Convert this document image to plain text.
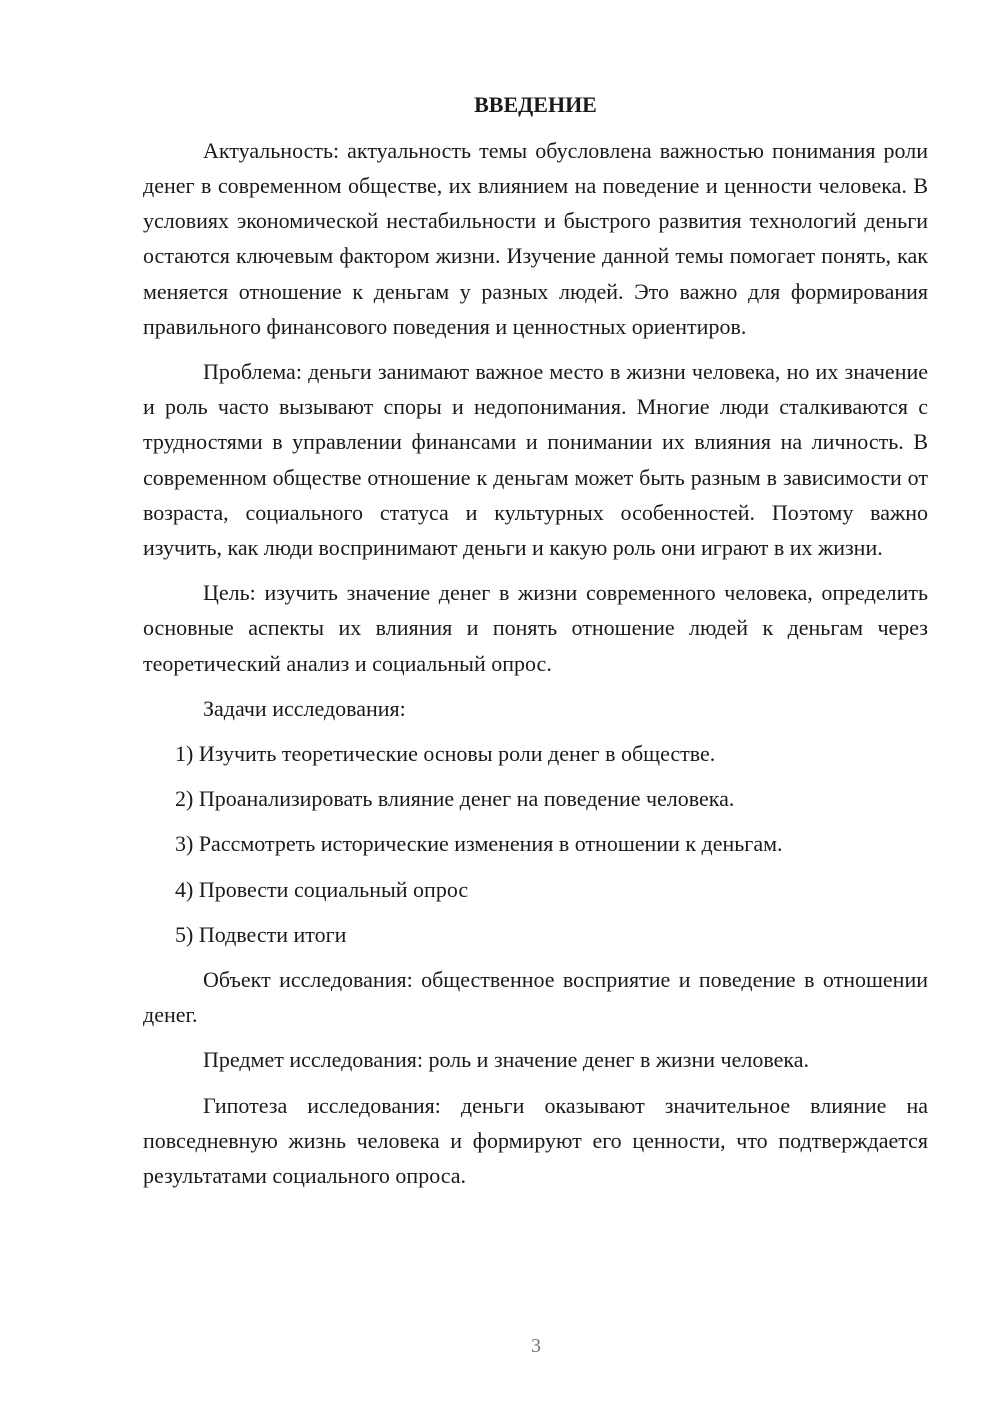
ВВЕДЕНИЕ

Актуальность: актуальность темы обусловлена важностью понимания роли денег в современном обществе, их влиянием на поведение и ценности человека. В условиях экономической нестабильности и быстрого развития технологий деньги остаются ключевым фактором жизни. Изучение данной темы помогает понять, как меняется отношение к деньгам у разных людей. Это важно для формирования правильного финансового поведения и ценностных ориентиров.

Проблема: деньги занимают важное место в жизни человека, но их значение и роль часто вызывают споры и недопонимания. Многие люди сталкиваются с трудностями в управлении финансами и понимании их влияния на личность. В современном обществе отношение к деньгам может быть разным в зависимости от возраста, социального статуса и культурных особенностей. Поэтому важно изучить, как люди воспринимают деньги и какую роль они играют в их жизни.

Цель: изучить значение денег в жизни современного человека, определить основные аспекты их влияния и понять отношение людей к деньгам через теоретический анализ и социальный опрос.

Задачи исследования:

1) Изучить теоретические основы роли денег в обществе.
2) Проанализировать влияние денег на поведение человека.
3) Рассмотреть исторические изменения в отношении к деньгам.
4) Провести социальный опрос
5) Подвести итоги

Объект исследования: общественное восприятие и поведение в отношении денег.

Предмет исследования: роль и значение денег в жизни человека.

Гипотеза исследования: деньги оказывают значительное влияние на повседневную жизнь человека и формируют его ценности, что подтверждается результатами социального опроса.

3
